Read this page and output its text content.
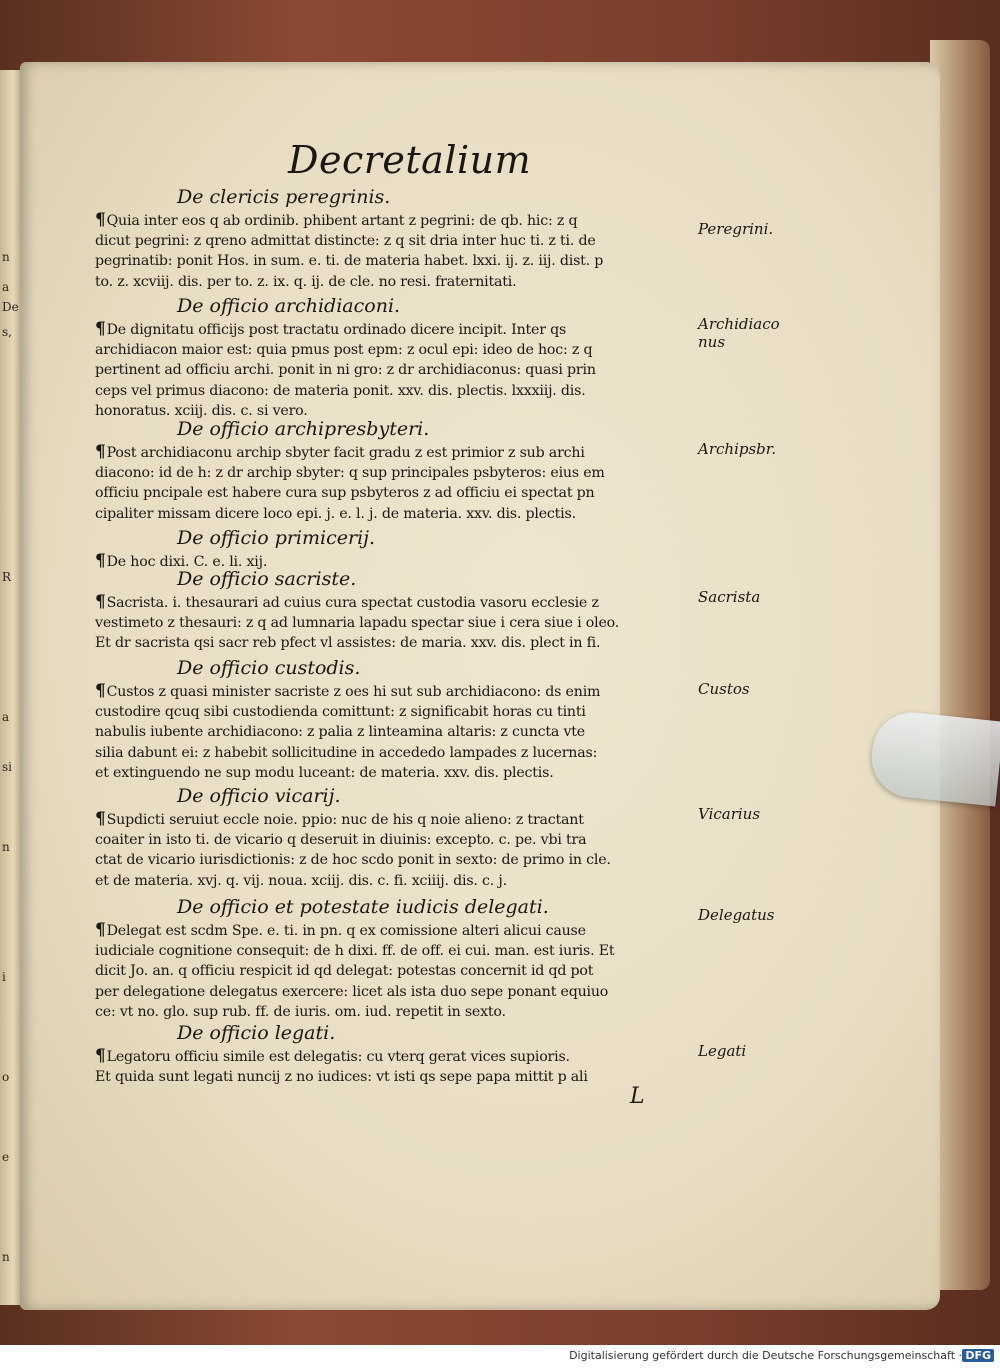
n
a
De
s,
R
a
si
n
i
o
e
n
Decretalium
De clericis peregrinis.
¶Quia inter eos q ab ordinib. phibent artant z pegrini: de qb. hic: z q
dicut pegrini: z qreno admittat distincte: z q sit dria inter huc ti. z ti. de
pegrinatib: ponit Hos. in sum. e. ti. de materia habet. lxxi. ij. z. iij. dist. p
to. z. xcviij. dis. per to. z. ix. q. ij. de cle. no resi. fraternitati.
Peregrini.
De officio archidiaconi.
¶De dignitatu officijs post tractatu ordinado dicere incipit. Inter qs
archidiacon maior est: quia pmus post epm: z ocul epi: ideo de hoc: z q
pertinent ad officiu archi. ponit in ni gro: z dr archidiaconus: quasi prin
ceps vel primus diacono: de materia ponit. xxv. dis. plectis. lxxxiij. dis.
honoratus. xciij. dis. c. si vero.
Archidiaco nus
De officio archipresbyteri.
¶Post archidiaconu archip sbyter facit gradu z est primior z sub archi
diacono: id de h: z dr archip sbyter: q sup principales psbyteros: eius em
officiu pncipale est habere cura sup psbyteros z ad officiu ei spectat pn
cipaliter missam dicere loco epi. j. e. l. j. de materia. xxv. dis. plectis.
Archipsbr.
De officio primicerij.
¶De hoc dixi. C. e. li. xij.
De officio sacriste.
¶Sacrista. i. thesaurari ad cuius cura spectat custodia vasoru ecclesie z
vestimeto z thesauri: z q ad lumnaria lapadu spectar siue i cera siue i oleo.
Et dr sacrista qsi sacr reb pfect vl assistes: de maria. xxv. dis. plect in fi.
Sacrista
De officio custodis.
¶Custos z quasi minister sacriste z oes hi sut sub archidiacono: ds enim
custodire qcuq sibi custodienda comittunt: z significabit horas cu tinti
nabulis iubente archidiacono: z palia z linteamina altaris: z cuncta vte
silia dabunt ei: z habebit sollicitudine in accededo lampades z lucernas:
et extinguendo ne sup modu luceant: de materia. xxv. dis. plectis.
Custos
De officio vicarij.
¶Supdicti seruiut eccle noie. ppio: nuc de his q noie alieno: z tractant
coaiter in isto ti. de vicario q deseruit in diuinis: excepto. c. pe. vbi tra
ctat de vicario iurisdictionis: z de hoc scdo ponit in sexto: de primo in cle.
et de materia. xvj. q. vij. noua. xciij. dis. c. fi. xciiij. dis. c. j.
Vicarius
De officio et potestate iudicis delegati.
¶Delegat est scdm Spe. e. ti. in pn. q ex comissione alteri alicui cause
iudiciale cognitione consequit: de h dixi. ff. de off. ei cui. man. est iuris. Et
dicit Jo. an. q officiu respicit id qd delegat: potestas concernit id qd pot
per delegatione delegatus exercere: licet als ista duo sepe ponant equiuo
ce: vt no. glo. sup rub. ff. de iuris. om. iud. repetit in sexto.
Delegatus
De officio legati.
¶Legatoru officiu simile est delegatis: cu vterq gerat vices supioris.
Et quida sunt legati nuncij z no iudices: vt isti qs sepe papa mittit p ali
Legati
L
Digitalisierung gefördert durch die Deutsche Forschungsgemeinschaft · DFG
